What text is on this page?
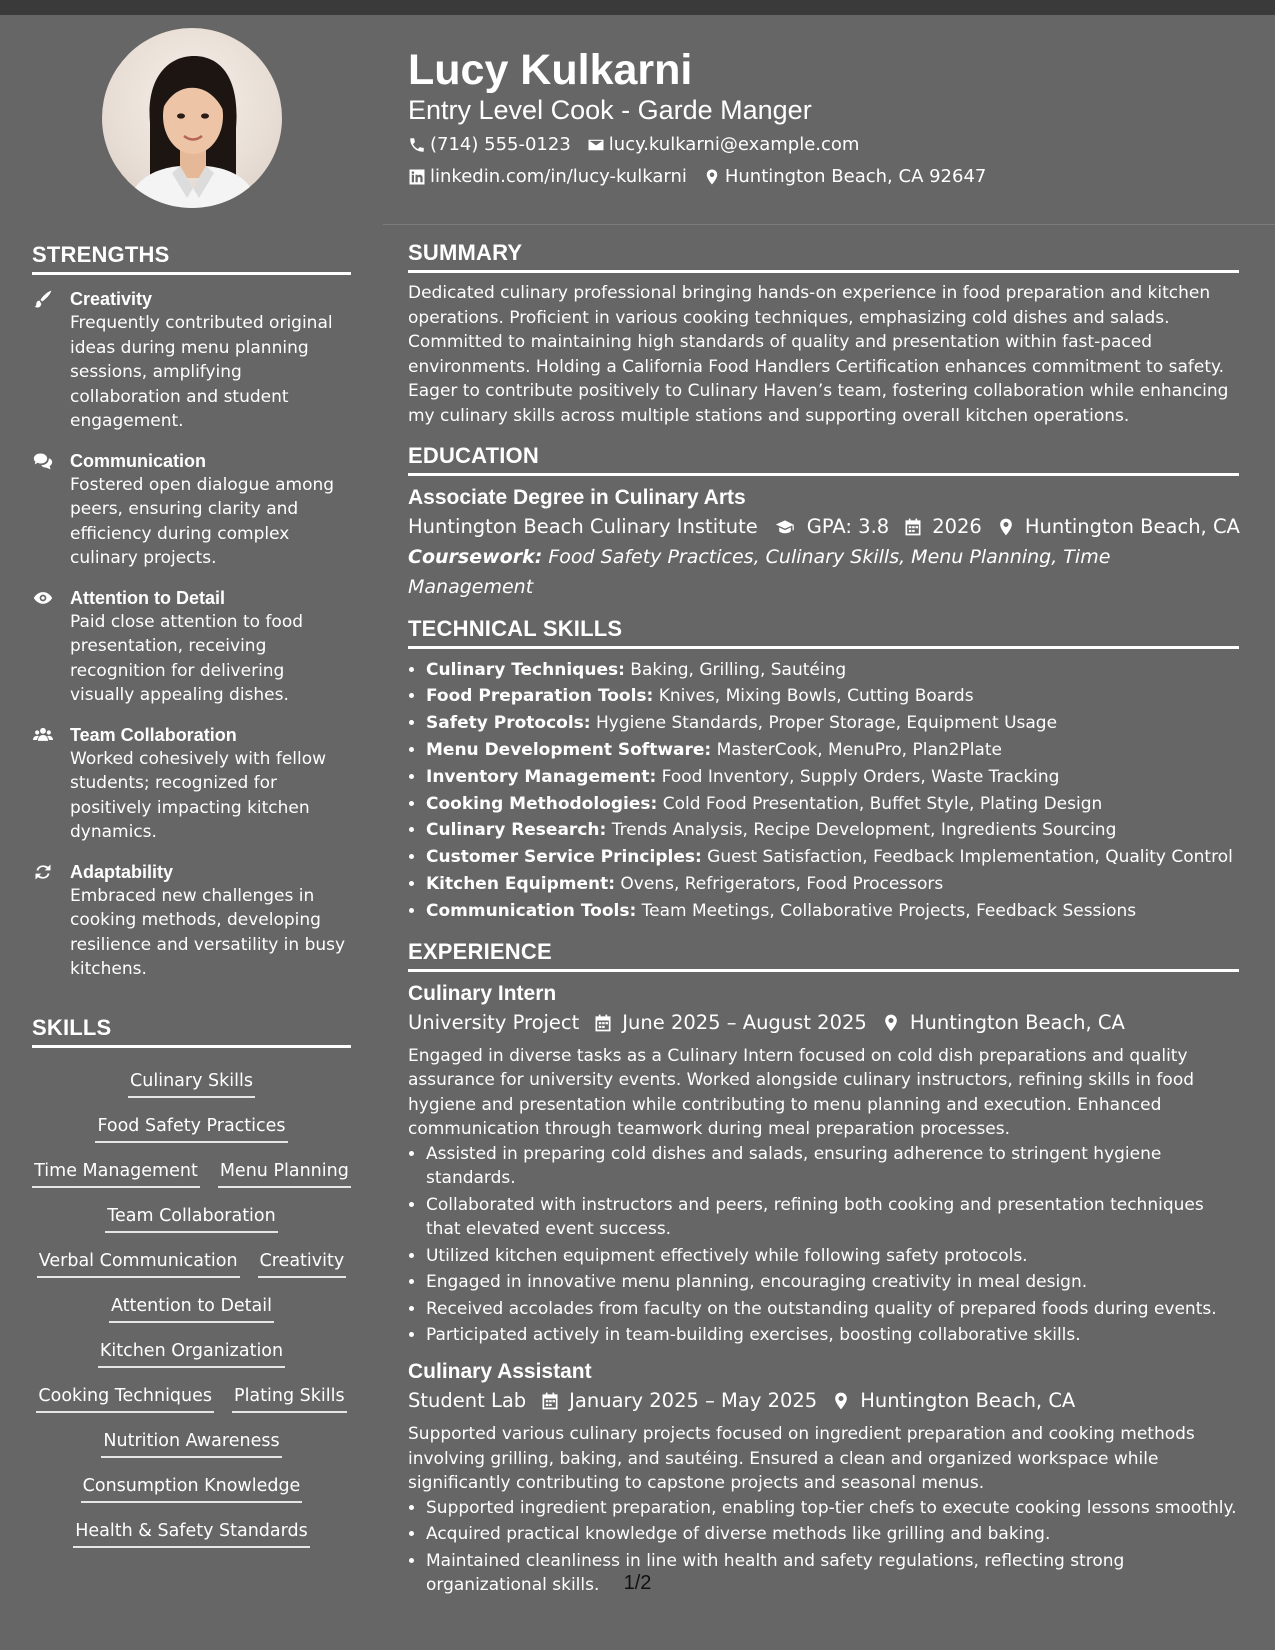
STRENGTHS
Creativity
Frequently contributed original ideas during menu planning sessions, amplifying collaboration and student engagement.
Communication
Fostered open dialogue among peers, ensuring clarity and efficiency during complex culinary projects.
Attention to Detail
Paid close attention to food presentation, receiving recognition for delivering visually appealing dishes.
Team Collaboration
Worked cohesively with fellow students; recognized for positively impacting kitchen dynamics.
Adaptability
Embraced new challenges in cooking methods, developing resilience and versatility in busy kitchens.
SKILLS
Culinary Skills
Food Safety Practices
Time Management Menu Planning
Team Collaboration
Verbal Communication Creativity
Attention to Detail
Kitchen Organization
Cooking Techniques Plating Skills
Nutrition Awareness
Consumption Knowledge
Health & Safety Standards
Lucy Kulkarni
Entry Level Cook - Garde Manger
(714) 555-0123 lucy.kulkarni@example.com
linkedin.com/in/lucy-kulkarni Huntington Beach, CA 92647
SUMMARY

Dedicated culinary professional bringing hands-on experience in food preparation and kitchen operations. Proficient in various cooking techniques, emphasizing cold dishes and salads. Committed to maintaining high standards of quality and presentation within fast-paced environments. Holding a California Food Handlers Certification enhances commitment to safety. Eager to contribute positively to Culinary Haven’s team, fostering collaboration while enhancing my culinary skills across multiple stations and supporting overall kitchen operations.

EDUCATION
Associate Degree in Culinary Arts
Huntington Beach Culinary Institute	GPA: 3.8 2026 Huntington Beach, CA
Coursework: Food Safety Practices, Culinary Skills, Menu Planning, Time Management
TECHNICAL SKILLS
• Culinary Techniques: Baking, Grilling, Sautéing
• Food Preparation Tools: Knives, Mixing Bowls, Cutting Boards
• Safety Protocols: Hygiene Standards, Proper Storage, Equipment Usage
• Menu Development Software: MasterCook, MenuPro, Plan2Plate
• Inventory Management: Food Inventory, Supply Orders, Waste Tracking
• Cooking Methodologies: Cold Food Presentation, Buffet Style, Plating Design
• Culinary Research: Trends Analysis, Recipe Development, Ingredients Sourcing
• Customer Service Principles: Guest Satisfaction, Feedback Implementation, Quality Control
• Kitchen Equipment: Ovens, Refrigerators, Food Processors
• Communication Tools: Team Meetings, Collaborative Projects, Feedback Sessions
EXPERIENCE
Culinary Intern
University Project June 2025 – August 2025 Huntington Beach, CA

Engaged in diverse tasks as a Culinary Intern focused on cold dish preparations and quality assurance for university events. Worked alongside culinary instructors, refining skills in food hygiene and presentation while contributing to menu planning and execution. Enhanced communication through teamwork during meal preparation processes.

• Assisted in preparing cold dishes and salads, ensuring adherence to stringent hygiene standards.
• Collaborated with instructors and peers, refining both cooking and presentation techniques that elevated event success.
• Utilized kitchen equipment effectively while following safety protocols.
• Engaged in innovative menu planning, encouraging creativity in meal design.
• Received accolades from faculty on the outstanding quality of prepared foods during events.
• Participated actively in team-building exercises, boosting collaborative skills.
Culinary Assistant
Student Lab January 2025 – May 2025 Huntington Beach, CA

Supported various culinary projects focused on ingredient preparation and cooking methods involving grilling, baking, and sautéing. Ensured a clean and organized workspace while significantly contributing to capstone projects and seasonal menus.

• Supported ingredient preparation, enabling top-tier chefs to execute cooking lessons smoothly.
• Acquired practical knowledge of diverse methods like grilling and baking.
• Maintained cleanliness in line with health and safety regulations, reflecting strong organizational skills.	1/2
